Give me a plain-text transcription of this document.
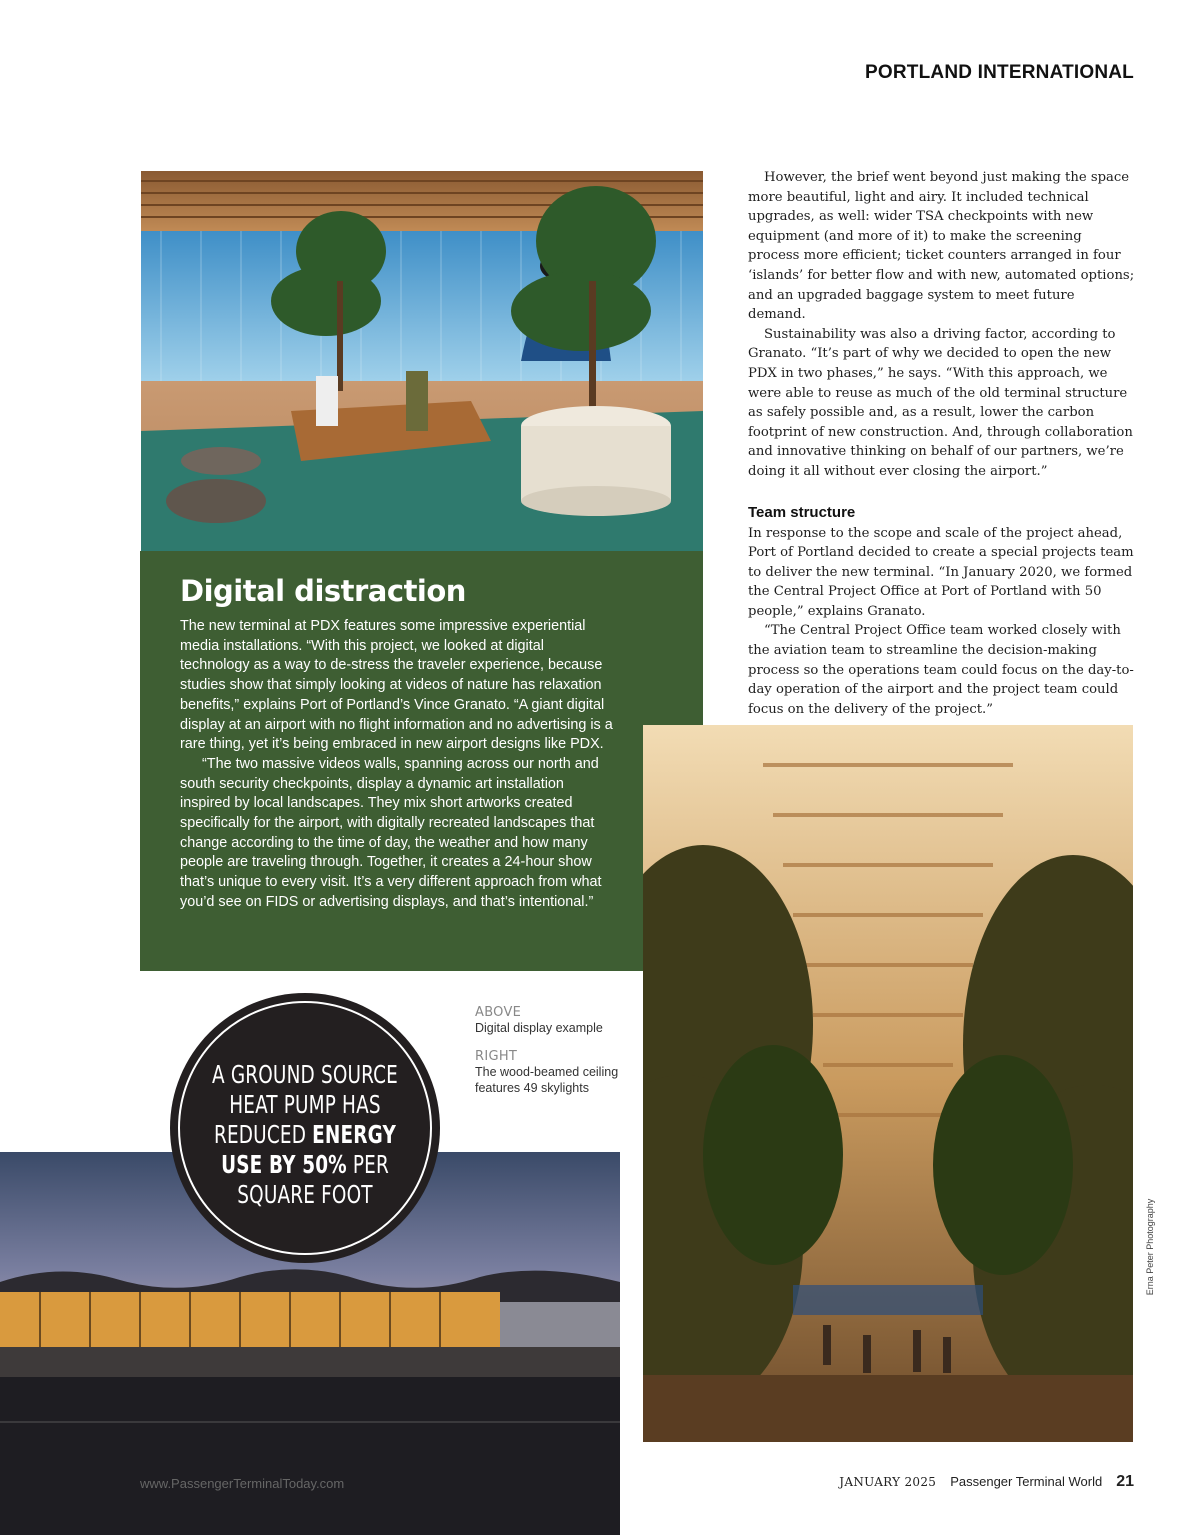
PORTLAND INTERNATIONAL
Digital distraction

The new terminal at PDX features some impressive experiential media installations. “With this project, we looked at digital technology as a way to de-stress the traveler experience, because studies show that simply looking at videos of nature has relaxation benefits,” explains Port of Portland’s Vince Granato. “A giant digital display at an airport with no flight information and no advertising is a rare thing, yet it’s being embraced in new airport designs like PDX.

“The two massive videos walls, spanning across our north and south security checkpoints, display a dynamic art installation inspired by local landscapes. They mix short artworks created specifically for the airport, with digitally recreated landscapes that change according to the time of day, the weather and how many people are traveling through. Together, it creates a 24-hour show that’s unique to every visit. It’s a very different approach from what you’d see on FIDS or advertising displays, and that’s intentional.”

However, the brief went beyond just making the space more beautiful, light and airy. It included technical upgrades, as well: wider TSA checkpoints with new equipment (and more of it) to make the screening process more efficient; ticket counters arranged in four ‘islands’ for better flow and with new, automated options; and an upgraded baggage system to meet future demand.

Sustainability was also a driving factor, according to Granato. “It’s part of why we decided to open the new PDX in two phases,” he says. “With this approach, we were able to reuse as much of the old terminal structure as safely possible and, as a result, lower the carbon footprint of new construction. And, through collaboration and innovative thinking on behalf of our partners, we’re doing it all without ever closing the airport.”

Team structure

In response to the scope and scale of the project ahead, Port of Portland decided to create a special projects team to deliver the new terminal. “In January 2020, we formed the Central Project Office at Port of Portland with 50 people,” explains Granato.

“The Central Project Office team worked closely with the aviation team to streamline the decision-making process so the operations team could focus on the day-to-day operation of the airport and the project team could focus on the delivery of the project.”

ABOVE
Digital display example
RIGHT
The wood-beamed ceiling features 49 skylights
A GROUND SOURCE
HEAT PUMP HAS
REDUCED ENERGY
USE BY 50% PER
SQUARE FOOT
Erna Peter Photography
www.PassengerTerminalToday.com	JANUARY 2025 Passenger Terminal World 21
